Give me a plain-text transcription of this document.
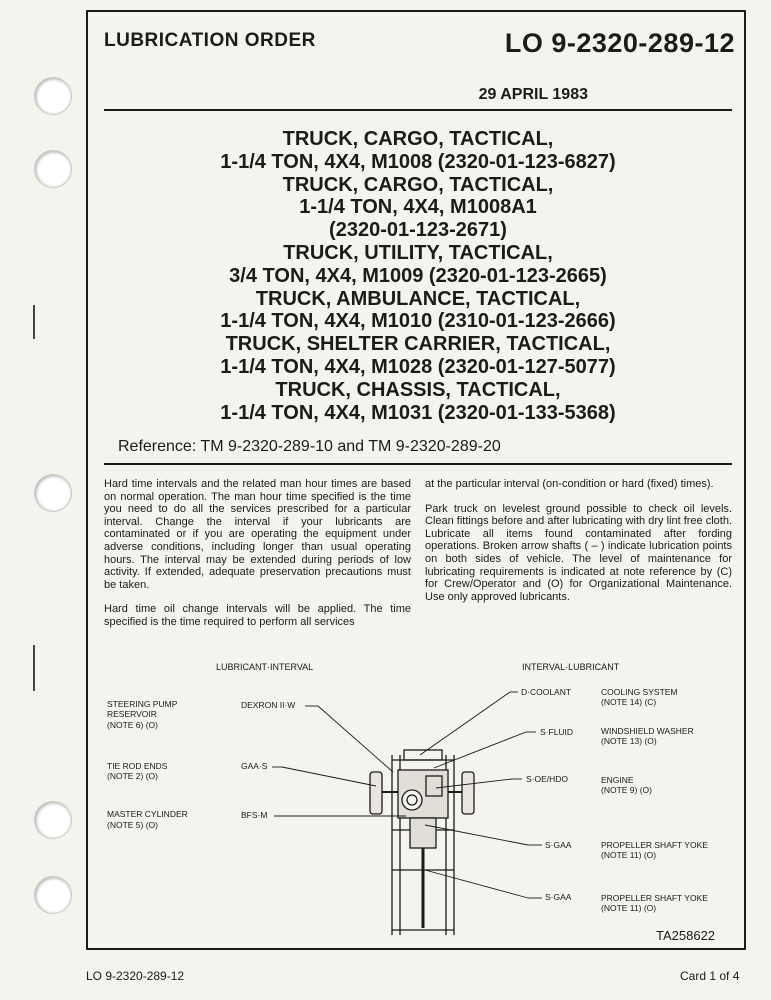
LUBRICATION ORDER	LO 9-2320-289-12
29 APRIL 1983
TRUCK, CARGO, TACTICAL,
1-1/4 TON, 4X4, M1008 (2320-01-123-6827)
TRUCK, CARGO, TACTICAL,
1-1/4 TON, 4X4, M1008A1
(2320-01-123-2671)
TRUCK, UTILITY, TACTICAL,
3/4 TON, 4X4, M1009 (2320-01-123-2665)
TRUCK, AMBULANCE, TACTICAL,
1-1/4 TON, 4X4, M1010 (2310-01-123-2666)
TRUCK, SHELTER CARRIER, TACTICAL,
1-1/4 TON, 4X4, M1028 (2320-01-127-5077)
TRUCK, CHASSIS, TACTICAL,
1-1/4 TON, 4X4, M1031 (2320-01-133-5368)
Reference: TM 9-2320-289-10 and TM 9-2320-289-20

Hard time intervals and the related man hour times are based on normal operation. The man hour time specified is the time you need to do all the services prescribed for a particular interval. Change the interval if your lubricants are contaminated or if you are operating the equipment under adverse conditions, including longer than usual operating hours. The interval may be extended during periods of low activity. If extended, adequate preservation precautions must be taken.

Hard time oil change intervals will be applied. The time specified is the time required to perform all services

at the particular interval (on-condition or hard (fixed) times).

Park truck on levelest ground possible to check oil levels. Clean fittings before and after lubricating with dry lint free cloth. Lubricate all items found contaminated after fording operations. Broken arrow shafts ( – ) indicate lubrication points on both sides of vehicle. The level of maintenance for lubricating requirements is indicated at note reference by (C) for Crew/Operator and (O) for Organizational Maintenance. Use only approved lubricants.

LUBRICANT·INTERVAL	INTERVAL·LUBRICANT
STEERING PUMP
RESERVOIR
(NOTE 6) (O)
TIE ROD ENDS
(NOTE 2) (O)
MASTER CYLINDER
(NOTE 5) (O)
DEXRON II·W
GAA·S
BFS·M
D·COOLANT
S·FLUID
S·OE/HDO
S·GAA
S·GAA
COOLING SYSTEM
(NOTE 14) (C)
WINDSHIELD WASHER
(NOTE 13) (O)
ENGINE
(NOTE 9) (O)
PROPELLER SHAFT YOKE
(NOTE 11) (O)
PROPELLER SHAFT YOKE
(NOTE 11) (O)
TA258622
LO 9-2320-289-12	Card 1 of 4
